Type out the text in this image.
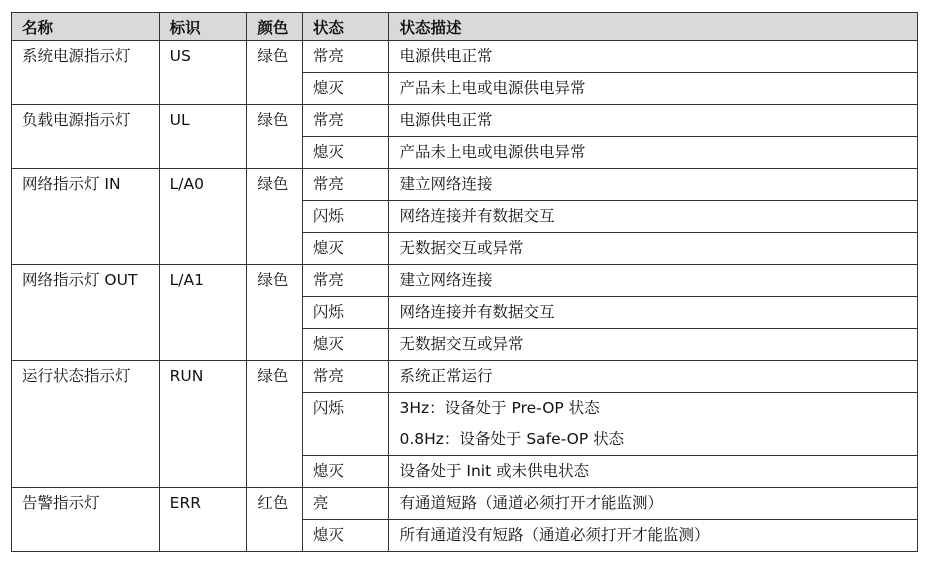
名称	标识	颜色	状态	状态描述
系统电源指示灯	US	绿色	常亮	电源供电正常
			熄灭	产品未上电或电源供电异常
负载电源指示灯	UL	绿色	常亮	电源供电正常
			熄灭	产品未上电或电源供电异常
网络指示灯 IN	L/A0	绿色	常亮	建立网络连接
			闪烁	网络连接并有数据交互
			熄灭	无数据交互或异常
网络指示灯 OUT	L/A1	绿色	常亮	建立网络连接
			闪烁	网络连接并有数据交互
			熄灭	无数据交互或异常
运行状态指示灯	RUN	绿色	常亮	系统正常运行
			闪烁	3Hz：设备处于 Pre-OP 状态
				0.8Hz：设备处于 Safe-OP 状态
			熄灭	设备处于 Init 或未供电状态
告警指示灯	ERR	红色	亮	有通道短路（通道必须打开才能监测）
			熄灭	所有通道没有短路（通道必须打开才能监测）
